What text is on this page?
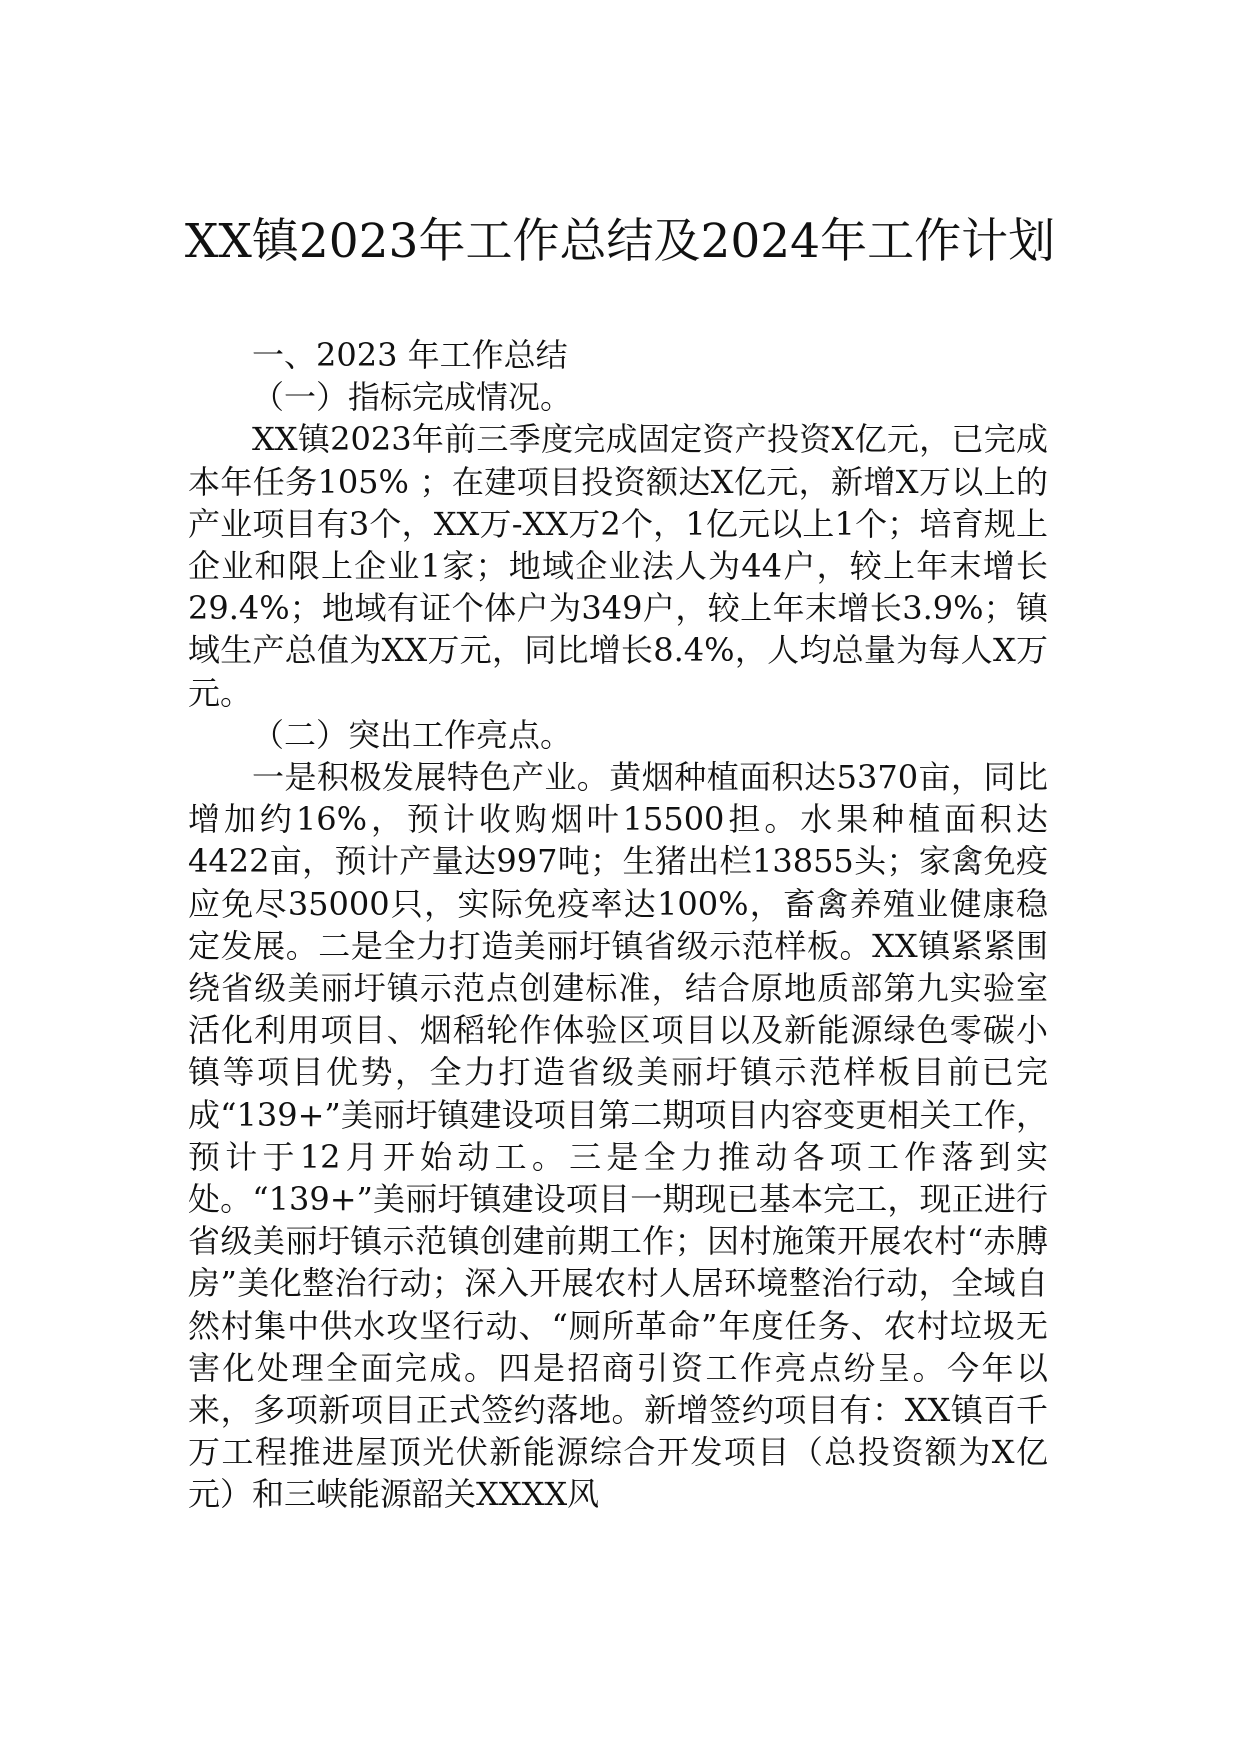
XX镇2023年工作总结及2024年工作计划

一、2023 年工作总结

（一）指标完成情况。

XX镇2023年前三季度完成固定资产投资X亿元，已完成本年任务105% ；在建项目投资额达X亿元，新增X万以上的产业项目有3个，XX万-XX万2个，1亿元以上1个；培育规上企业和限上企业1家；地域企业法人为44户，较上年末增长29.4%；地域有证个体户为349户，较上年末增长3.9%；镇域生产总值为XX万元，同比增长8.4%，人均总量为每人X万元。

（二）突出工作亮点。

一是积极发展特色产业。黄烟种植面积达5370亩，同比增加约16%，预计收购烟叶15500担。水果种植面积达4422亩，预计产量达997吨；生猪出栏13855头；家禽免疫应免尽35000只，实际免疫率达100%，畜禽养殖业健康稳定发展。二是全力打造美丽圩镇省级示范样板。XX镇紧紧围绕省级美丽圩镇示范点创建标准，结合原地质部第九实验室活化利用项目、烟稻轮作体验区项目以及新能源绿色零碳小镇等项目优势，全力打造省级美丽圩镇示范样板目前已完成“139+”美丽圩镇建设项目第二期项目内容变更相关工作，预计于12月开始动工。三是全力推动各项工作落到实处。“139+”美丽圩镇建设项目一期现已基本完工，现正进行省级美丽圩镇示范镇创建前期工作；因村施策开展农村“赤膊房”美化整治行动；深入开展农村人居环境整治行动，全域自然村集中供水攻坚行动、“厕所革命”年度任务、农村垃圾无害化处理全面完成。四是招商引资工作亮点纷呈。今年以来，多项新项目正式签约落地。新增签约项目有：XX镇百千万工程推进屋顶光伏新能源综合开发项目（总投资额为X亿元）和三峡能源韶关XXXX风
